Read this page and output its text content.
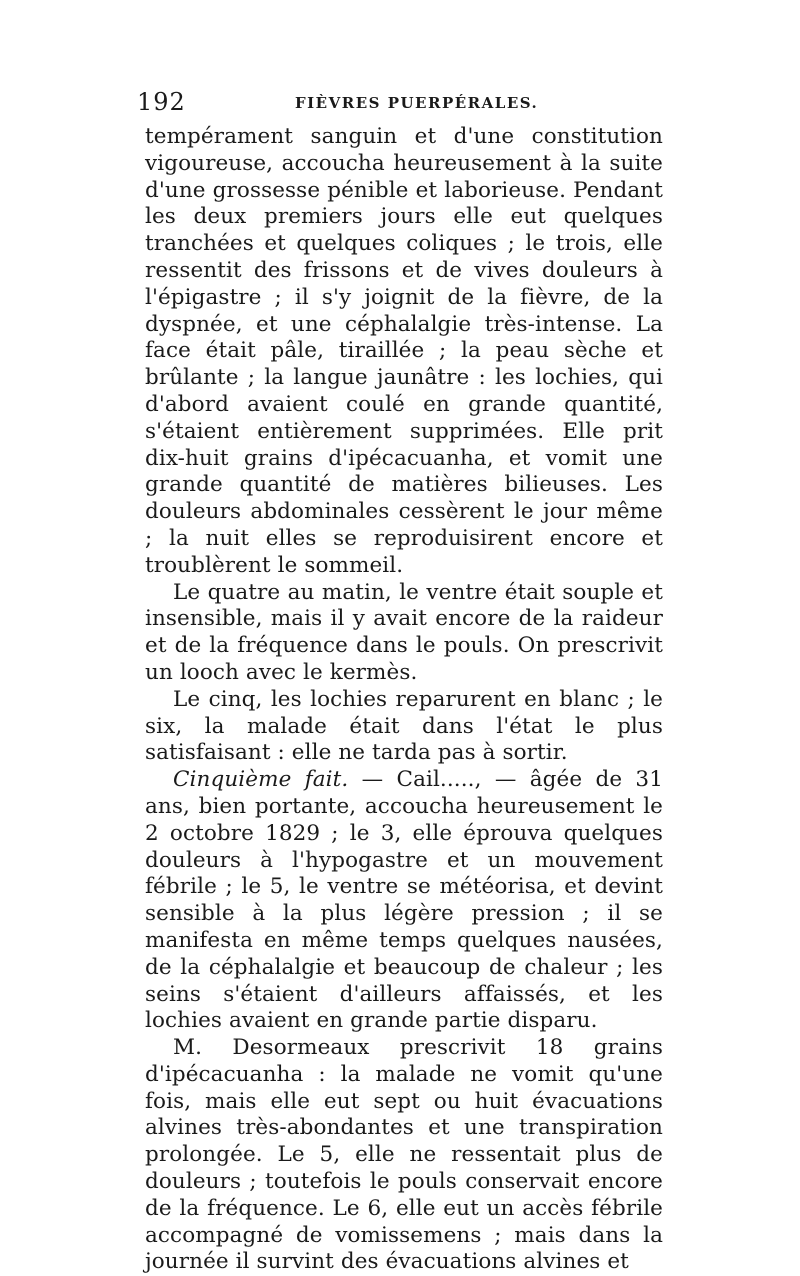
192	FIÈVRES PUERPÉRALES.

tempérament sanguin et d'une constitution vigoureuse, accoucha heureusement à la suite d'une grossesse pénible et laborieuse. Pendant les deux premiers jours elle eut quelques tranchées et quelques coliques ; le trois, elle ressentit des frissons et de vives douleurs à l'épigastre ; il s'y joignit de la fièvre, de la dyspnée, et une céphalalgie très-intense. La face était pâle, tiraillée ; la peau sèche et brûlante ; la langue jaunâtre : les lochies, qui d'abord avaient coulé en grande quantité, s'étaient entièrement supprimées. Elle prit dix-huit grains d'ipécacuanha, et vomit une grande quantité de matières bilieuses. Les douleurs abdominales cessèrent le jour même ; la nuit elles se reproduisirent encore et troublèrent le sommeil.

Le quatre au matin, le ventre était souple et insensible, mais il y avait encore de la raideur et de la fréquence dans le pouls. On prescrivit un looch avec le kermès.

Le cinq, les lochies reparurent en blanc ; le six, la malade était dans l'état le plus satisfaisant : elle ne tarda pas à sortir.

Cinquième fait. — Cail....., — âgée de 31 ans, bien portante, accoucha heureusement le 2 octobre 1829 ; le 3, elle éprouva quelques douleurs à l'hypogastre et un mouvement fébrile ; le 5, le ventre se météorisa, et devint sensible à la plus légère pression ; il se manifesta en même temps quelques nausées, de la céphalalgie et beaucoup de chaleur ; les seins s'étaient d'ailleurs affaissés, et les lochies avaient en grande partie disparu.

M. Desormeaux prescrivit 18 grains d'ipécacuanha : la malade ne vomit qu'une fois, mais elle eut sept ou huit évacuations alvines très-abondantes et une transpiration prolongée. Le 5, elle ne ressentait plus de douleurs ; toutefois le pouls conservait encore de la fréquence. Le 6, elle eut un accès fébrile accompagné de vomissemens ; mais dans la journée il survint des évacuations alvines et
